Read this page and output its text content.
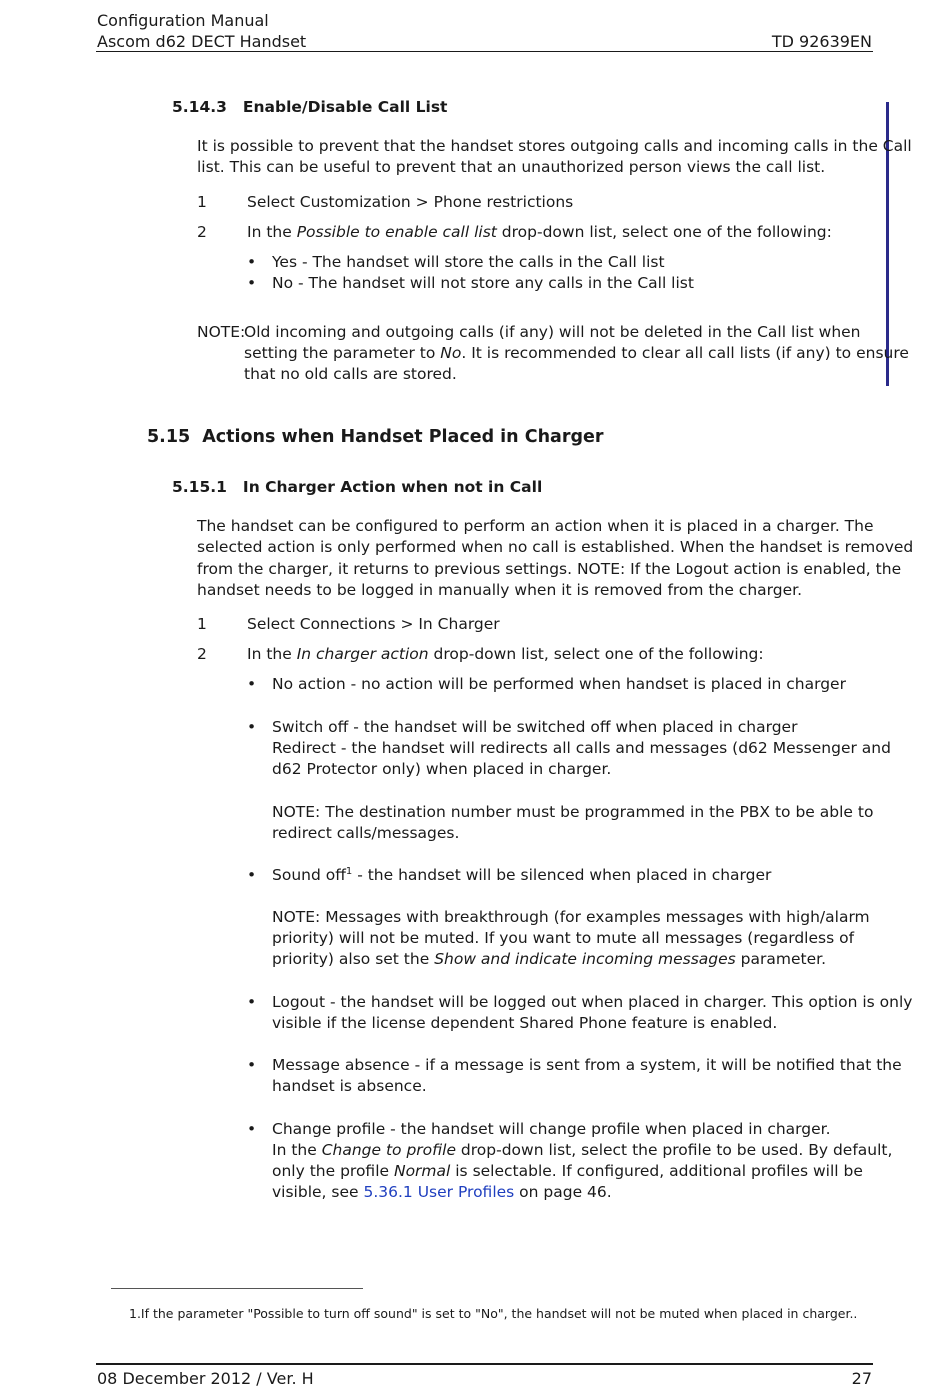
Configuration Manual
Ascom d62 DECT Handset	TD 92639EN
5.14.3 Enable/Disable Call List
It is possible to prevent that the handset stores outgoing calls and incoming calls in the Call
list. This can be useful to prevent that an unauthorized person views the call list.
1	Select Customization > Phone restrictions
2	In the Possible to enable call list drop-down list, select one of the following:
• Yes - The handset will store the calls in the Call list
• No - The handset will not store any calls in the Call list
NOTE:
Old incoming and outgoing calls (if any) will not be deleted in the Call list when
setting the parameter to No. It is recommended to clear all call lists (if any) to ensure
that no old calls are stored.
5.15 Actions when Handset Placed in Charger
5.15.1 In Charger Action when not in Call
The handset can be configured to perform an action when it is placed in a charger. The
selected action is only performed when no call is established. When the handset is removed
from the charger, it returns to previous settings. NOTE: If the Logout action is enabled, the
handset needs to be logged in manually when it is removed from the charger.
1	Select Connections > In Charger
2	In the In charger action drop-down list, select one of the following:
• No action - no action will be performed when handset is placed in charger
• Switch off - the handset will be switched off when placed in charger
Redirect - the handset will redirects all calls and messages (d62 Messenger and
d62 Protector only) when placed in charger.
NOTE: The destination number must be programmed in the PBX to be able to
redirect calls/messages.
• Sound off$^1$ - the handset will be silenced when placed in charger
NOTE: Messages with breakthrough (for examples messages with high/alarm
priority) will not be muted. If you want to mute all messages (regardless of
priority) also set the Show and indicate incoming messages parameter.
• Logout - the handset will be logged out when placed in charger. This option is only
visible if the license dependent Shared Phone feature is enabled.
• Message absence - if a message is sent from a system, it will be notified that the
handset is absence.
• Change profile - the handset will change profile when placed in charger.
In the Change to profile drop-down list, select the profile to be used. By default,
only the profile Normal is selectable. If configured, additional profiles will be
visible, see 5.36.1 User Profiles on page 46.
1.If the parameter "Possible to turn off sound" is set to "No", the handset will not be muted when placed in charger..
08 December 2012 / Ver. H	27
